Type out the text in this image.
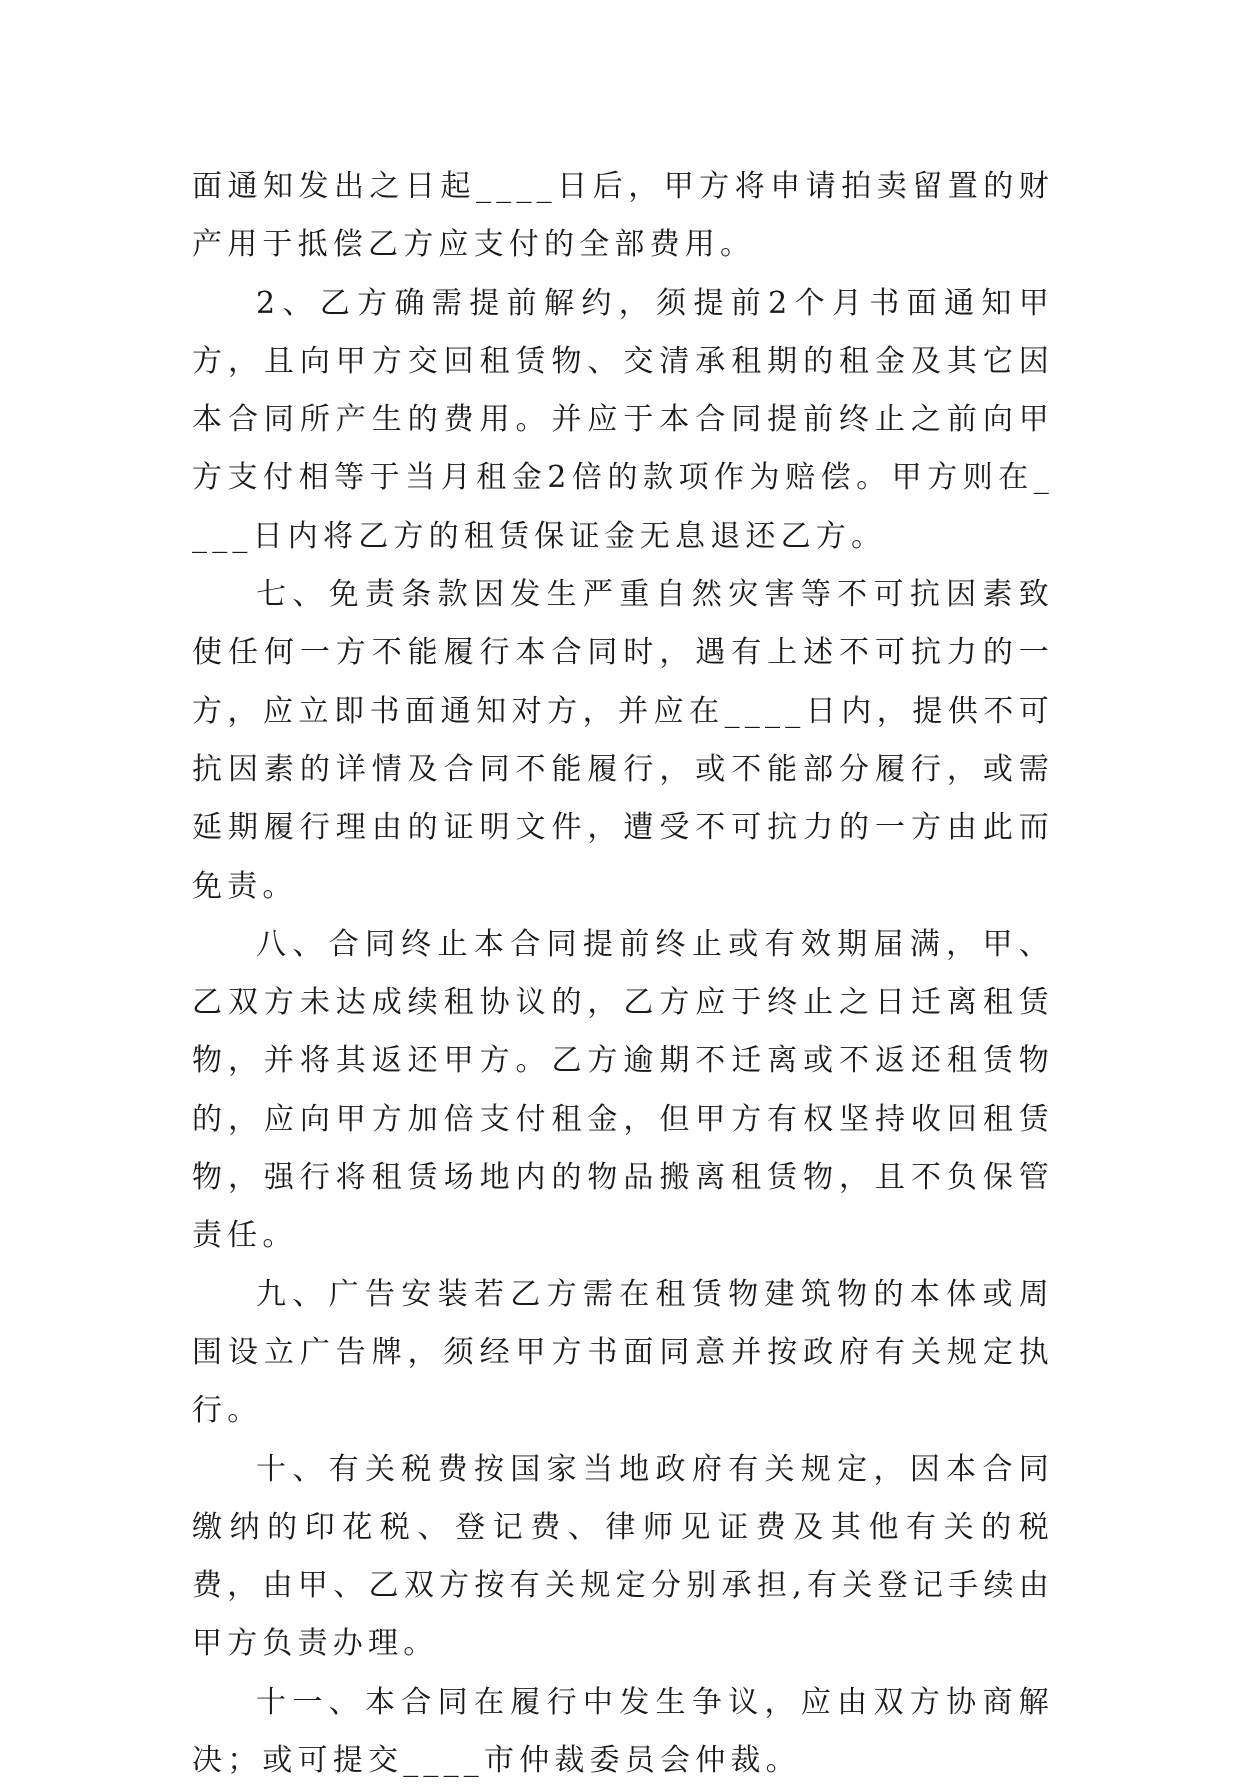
面通知发出之日起____日后，甲方将申请拍卖留置的财产用于抵偿乙方应支付的全部费用。

2、乙方确需提前解约，须提前2个月书面通知甲方，且向甲方交回租赁物、交清承租期的租金及其它因本合同所产生的费用。并应于本合同提前终止之前向甲方支付相等于当月租金2倍的款项作为赔偿。甲方则在____日内将乙方的租赁保证金无息退还乙方。

七、免责条款因发生严重自然灾害等不可抗因素致使任何一方不能履行本合同时，遇有上述不可抗力的一方，应立即书面通知对方，并应在____日内，提供不可抗因素的详情及合同不能履行，或不能部分履行，或需延期履行理由的证明文件，遭受不可抗力的一方由此而免责。

八、合同终止本合同提前终止或有效期届满，甲、乙双方未达成续租协议的，乙方应于终止之日迁离租赁物，并将其返还甲方。乙方逾期不迁离或不返还租赁物的，应向甲方加倍支付租金，但甲方有权坚持收回租赁物，强行将租赁场地内的物品搬离租赁物，且不负保管责任。

九、广告安装若乙方需在租赁物建筑物的本体或周围设立广告牌，须经甲方书面同意并按政府有关规定执行。

十、有关税费按国家当地政府有关规定，因本合同缴纳的印花税、登记费、律师见证费及其他有关的税费，由甲、乙双方按有关规定分别承担,有关登记手续由甲方负责办理。

十一、本合同在履行中发生争议，应由双方协商解决；或可提交____市仲裁委员会仲裁。
